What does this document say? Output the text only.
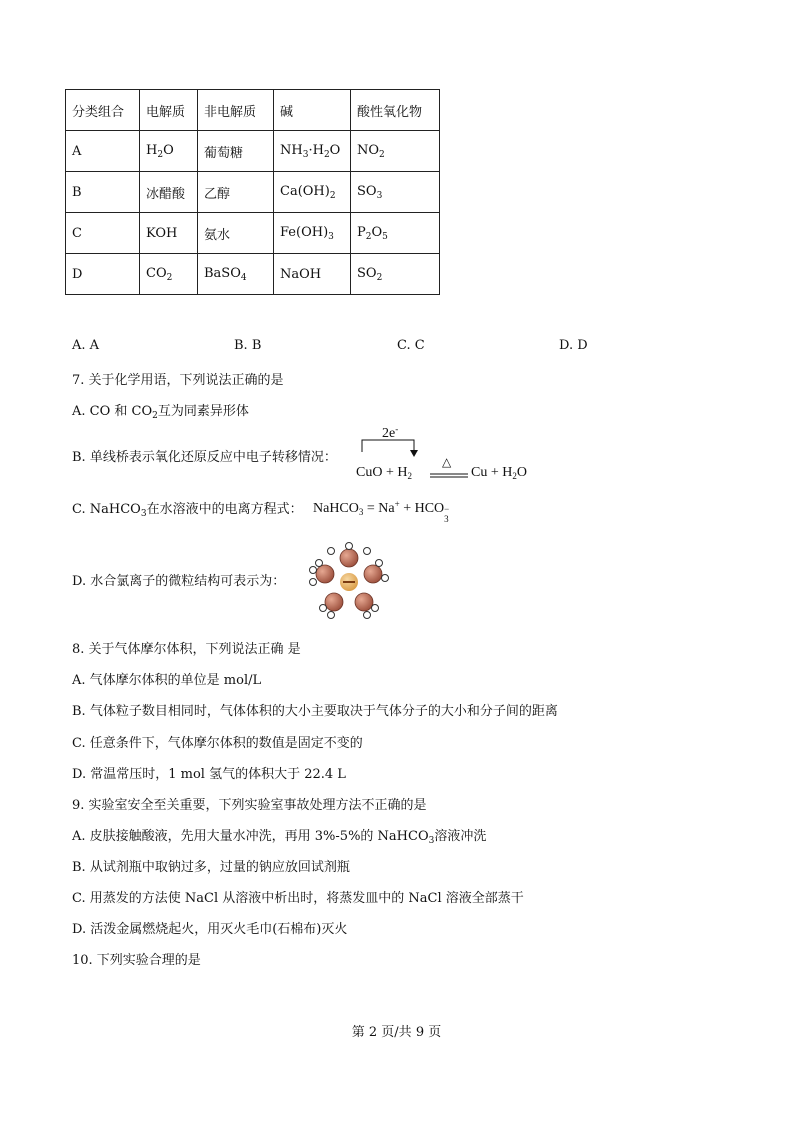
分类组合	电解质	非电解质	碱	酸性氧化物
A	$H_2O$	葡萄糖	$NH_3\cdot H_2O$	$NO_2$
B	冰醋酸	乙醇	$Ca(OH)_2$	$SO_3$
C	KOH	氨水	$Fe(OH)_3$	$P_2O_5$
D	$CO_2$	BaSO$_4$	NaOH	$SO_2$
A. A	B. B	C. C	D. D
7. 关于化学用语，下列说法正确的是
A. CO 和 $CO_2$互为同素异形体
B. 单线桥表示氧化还原反应中电子转移情况：
2e-
△
CuO + $H_2$	$Cu + H_2O$
C. NaHCO$_3$在水溶液中的电离方程式： NaHCO$_3$ = Na+ + HCO −
3
D. 水合氯离子的微粒结构可表示为：
8. 关于气体摩尔体积，下列说法正确 是
A. 气体摩尔体积的单位是 mol/L
B. 气体粒子数目相同时，气体体积的大小主要取决于气体分子的大小和分子间的距离
C. 任意条件下，气体摩尔体积的数值是固定不变的
D. 常温常压时，1 mol 氢气的体积大于 22.4 L
9. 实验室安全至关重要，下列实验室事故处理方法不正确的是
A. 皮肤接触酸液，先用大量水冲洗，再用 3%-5%的 NaHCO$_3$溶液冲洗
B. 从试剂瓶中取钠过多，过量的钠应放回试剂瓶
C. 用蒸发的方法使 NaCl 从溶液中析出时，将蒸发皿中的 NaCl 溶液全部蒸干
D. 活泼金属燃烧起火，用灭火毛巾(石棉布)灭火
10. 下列实验合理的是
第 2 页/共 9 页
